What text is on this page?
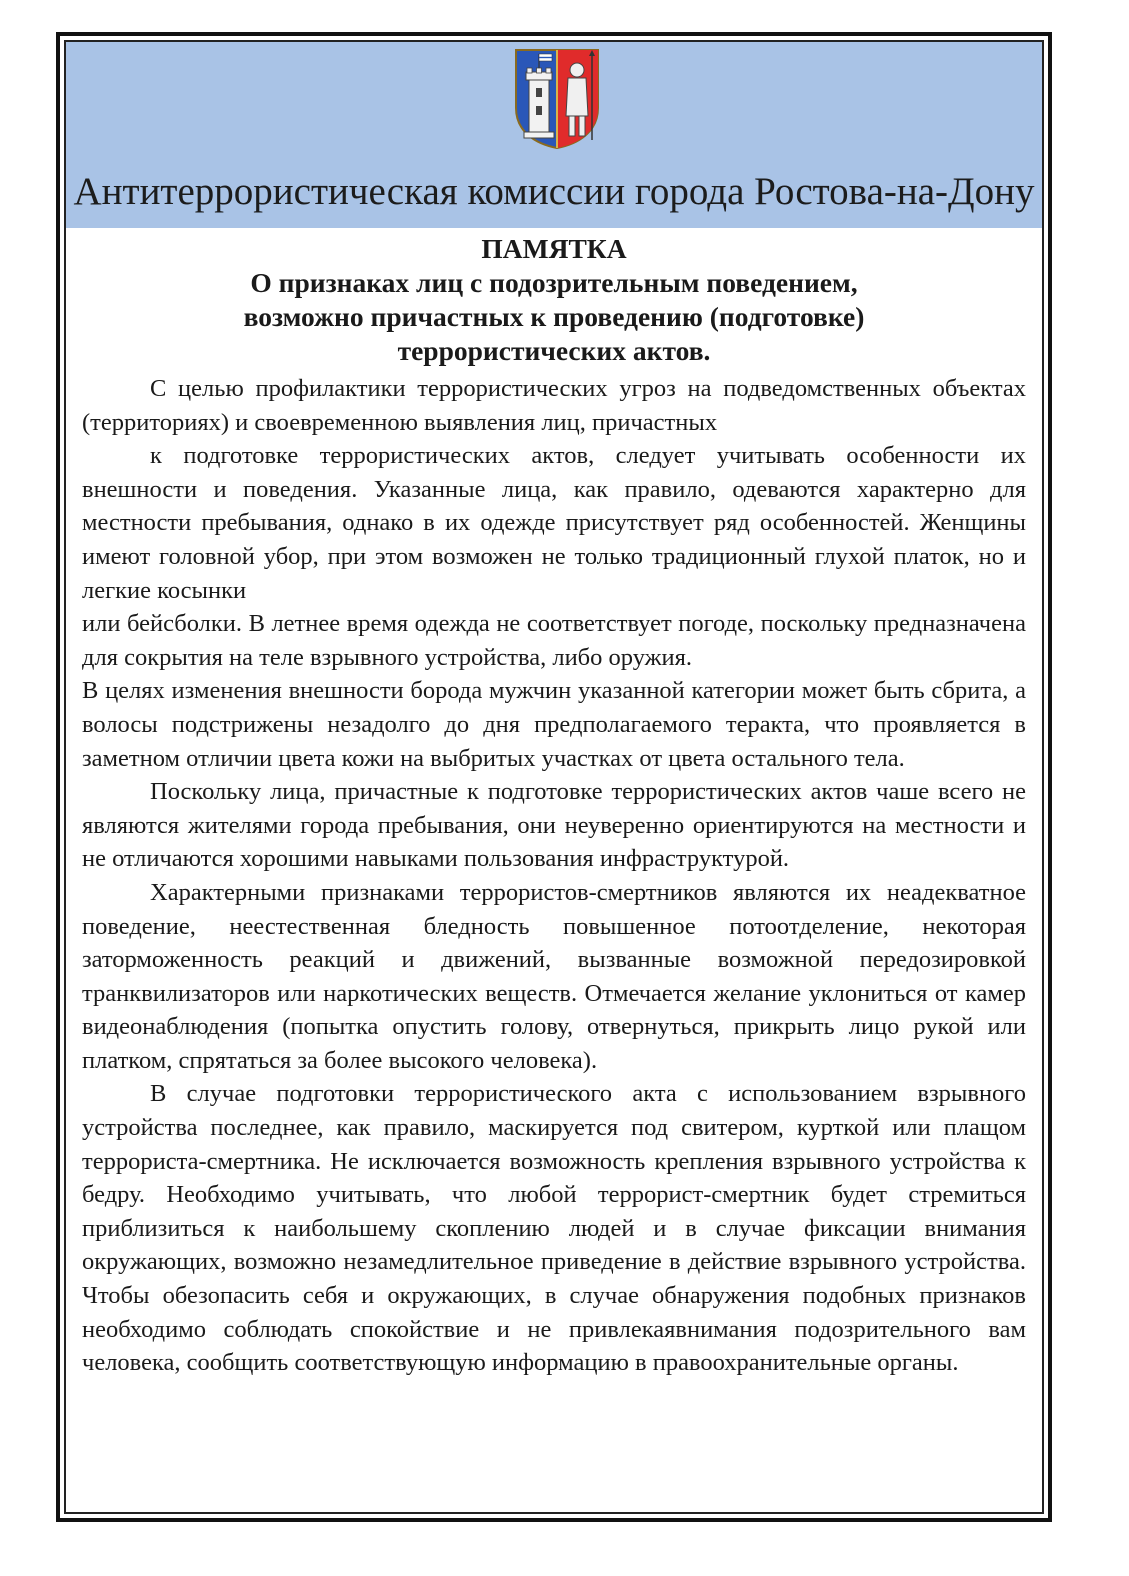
Антитеррористическая комиссии города Ростова-на-Дону
ПАМЯТКА
О признаках лиц с подозрительным поведением,
возможно причастных к проведению (подготовке)
террористических актов.

С целью профилактики террористических угроз на подведомственных объектах (территориях) и своевременною выявления лиц, причастных

к подготовке террористических актов, следует учитывать особенности их внешности и поведения. Указанные лица, как правило, одеваются характерно для местности пребывания, однако в их одежде присутствует ряд особенностей. Женщины имеют головной убор, при этом возможен не только традиционный глухой платок, но и легкие косынки

или бейсболки. В летнее время одежда не соответствует погоде, поскольку предназначена для сокрытия на теле взрывного устройства, либо оружия.

В целях изменения внешности борода мужчин указанной категории может быть сбрита, а волосы подстрижены незадолго до дня предполагаемого теракта, что проявляется в заметном отличии цвета кожи на выбритых участках от цвета остального тела.

Поскольку лица, причастные к подготовке террористических актов чаше всего не являются жителями города пребывания, они неуверенно ориентируются на местности и не отличаются хорошими навыками пользования инфраструктурой.

Характерными признаками террористов-смертников являются их неадекватное поведение, неестественная бледность повышенное потоотделение, некоторая заторможенность реакций и движений, вызванные возможной передозировкой транквилизаторов или наркотических веществ. Отмечается желание уклониться от камер видеонаблюдения (попытка опустить голову, отвернуться, прикрыть лицо рукой или платком, спрятаться за более высокого человека).

В случае подготовки террористического акта с использованием взрывного устройства последнее, как правило, маскируется под свитером, курткой или плащом террориста-смертника. Не исключается возможность крепления взрывного устройства к бедру. Необходимо учитывать, что любой террорист-смертник будет стремиться приблизиться к наибольшему скоплению людей и в случае фиксации внимания окружающих, возможно незамедлительное приведение в действие взрывного устройства. Чтобы обезопасить себя и окружающих, в случае обнаружения подобных признаков необходимо соблюдать спокойствие и не привлекаявнимания подозрительного вам человека, сообщить соответствующую информацию в правоохранительные органы.
